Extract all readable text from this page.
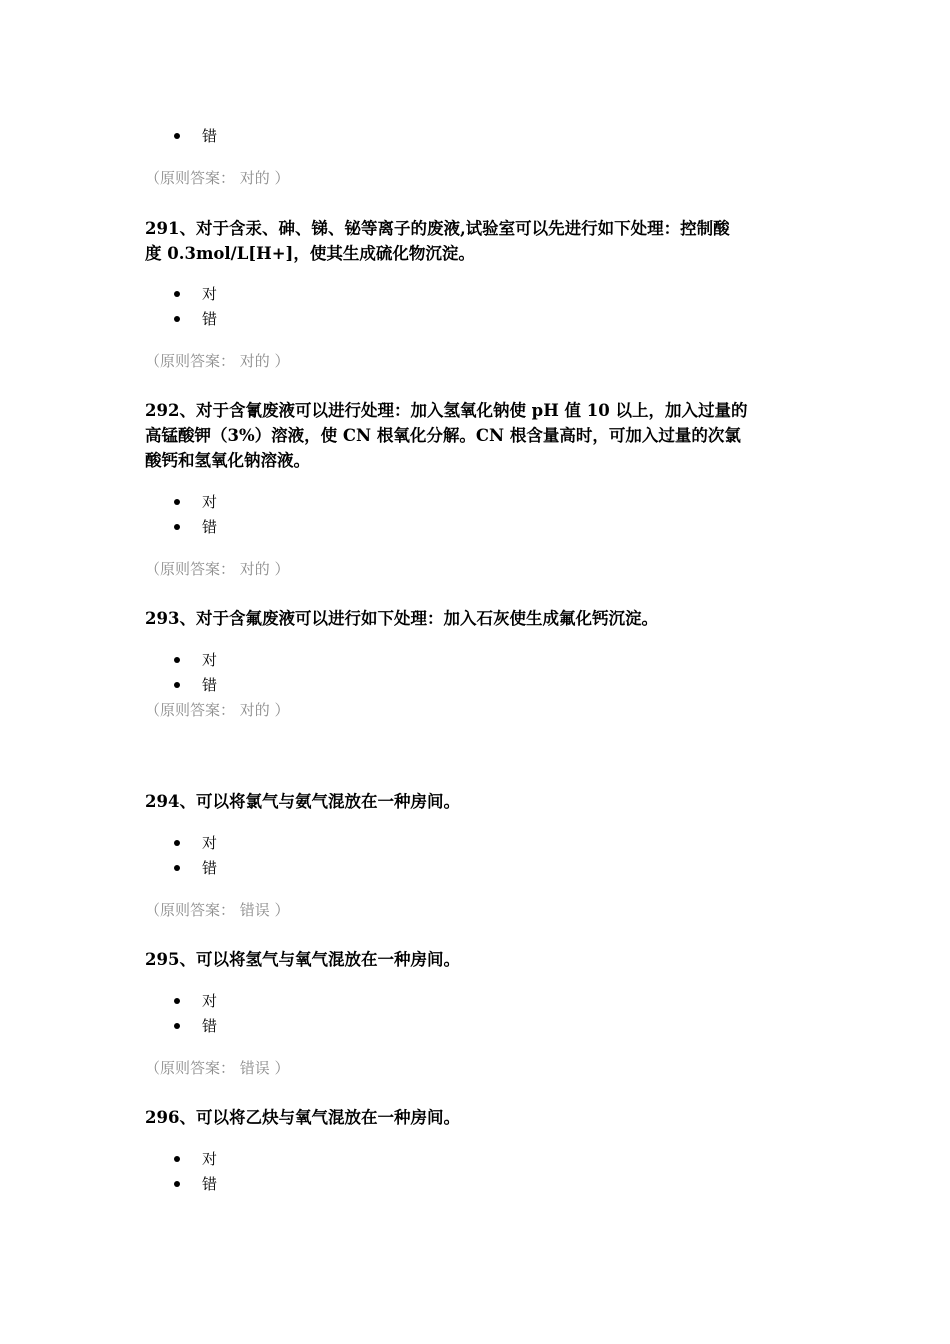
错
（原则答案： 对的 ）
291、对于含汞、砷、锑、铋等离子的废液,试验室可以先进行如下处理：控制酸
度 0.3mol/L[H+]，使其生成硫化物沉淀。
对
错
（原则答案： 对的 ）
292、对于含氰废液可以进行处理：加入氢氧化钠使 pH 值 10 以上，加入过量的
高锰酸钾（3%）溶液，使 CN 根氧化分解。CN 根含量高时，可加入过量的次氯
酸钙和氢氧化钠溶液。
对
错
（原则答案： 对的 ）
293、对于含氟废液可以进行如下处理：加入石灰使生成氟化钙沉淀。
对
错
（原则答案： 对的 ）
294、可以将氯气与氨气混放在一种房间。
对
错
（原则答案： 错误 ）
295、可以将氢气与氧气混放在一种房间。
对
错
（原则答案： 错误 ）
296、可以将乙炔与氧气混放在一种房间。
对
错
